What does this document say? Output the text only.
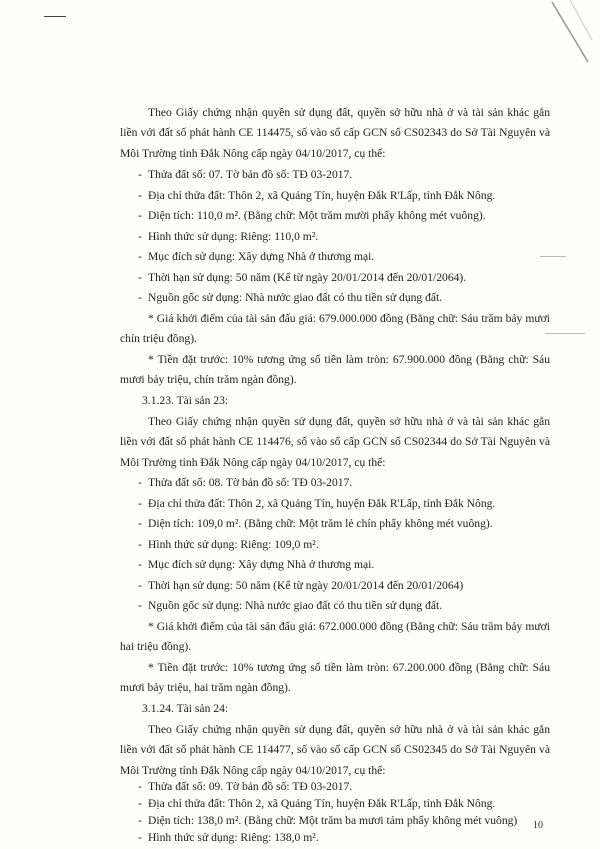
Theo Giấy chứng nhận quyền sử dụng đất, quyền sở hữu nhà ở và tài sản khác gắn liền với đất số phát hành CE 114475, số vào sổ cấp GCN số CS02343 do Sở Tài Nguyên và Môi Trường tỉnh Đắk Nông cấp ngày 04/10/2017, cụ thể:

- Thửa đất số: 07. Tờ bản đồ số: TĐ 03-2017.

- Địa chỉ thửa đất: Thôn 2, xã Quảng Tín, huyện Đắk R'Lấp, tỉnh Đắk Nông.

- Diện tích: 110,0 m². (Bằng chữ: Một trăm mười phẩy không mét vuông).

- Hình thức sử dụng: Riêng: 110,0 m².

- Mục đích sử dụng: Xây dựng Nhà ở thương mại.

- Thời hạn sử dụng: 50 năm (Kể từ ngày 20/01/2014 đến 20/01/2064).

- Nguồn gốc sử dụng: Nhà nước giao đất có thu tiền sử dụng đất.

* Giá khởi điểm của tài sản đấu giá: 679.000.000 đồng (Bằng chữ: Sáu trăm bảy mươi chín triệu đồng).

* Tiền đặt trước: 10% tương ứng số tiền làm tròn: 67.900.000 đồng (Bằng chữ: Sáu mươi bảy triệu, chín trăm ngàn đồng).

3.1.23. Tài sản 23:

Theo Giấy chứng nhận quyền sử dụng đất, quyền sở hữu nhà ở và tài sản khác gắn liền với đất số phát hành CE 114476, số vào sổ cấp GCN số CS02344 do Sở Tài Nguyên và Môi Trường tỉnh Đắk Nông cấp ngày 04/10/2017, cụ thể:

- Thửa đất số: 08. Tờ bản đồ số: TĐ 03-2017.

- Địa chỉ thửa đất: Thôn 2, xã Quảng Tín, huyện Đắk R'Lấp, tỉnh Đắk Nông.

- Diện tích: 109,0 m². (Bằng chữ: Một trăm lẻ chín phẩy không mét vuông).

- Hình thức sử dụng: Riêng: 109,0 m².

- Mục đích sử dụng: Xây dựng Nhà ở thương mại.

- Thời hạn sử dụng: 50 năm (Kể từ ngày 20/01/2014 đến 20/01/2064)

- Nguồn gốc sử dụng: Nhà nước giao đất có thu tiền sử dụng đất.

* Giá khởi điểm của tài sản đấu giá: 672.000.000 đồng (Bằng chữ: Sáu trăm bảy mươi hai triệu đồng).

* Tiền đặt trước: 10% tương ứng số tiền làm tròn: 67.200.000 đồng (Bằng chữ: Sáu mươi bảy triệu, hai trăm ngàn đồng).

3.1.24. Tài sản 24:

Theo Giấy chứng nhận quyền sử dụng đất, quyền sở hữu nhà ở và tài sản khác gắn liền với đất số phát hành CE 114477, số vào sổ cấp GCN số CS02345 do Sở Tài Nguyên và Môi Trường tỉnh Đắk Nông cấp ngày 04/10/2017, cụ thể:

10

- Thửa đất số: 09. Tờ bản đồ số: TĐ 03-2017.

- Địa chỉ thửa đất: Thôn 2, xã Quảng Tín, huyện Đắk R'Lấp, tỉnh Đắk Nông.

- Diện tích: 138,0 m². (Bằng chữ: Một trăm ba mươi tám phẩy không mét vuông)

- Hình thức sử dụng: Riêng: 138,0 m².
